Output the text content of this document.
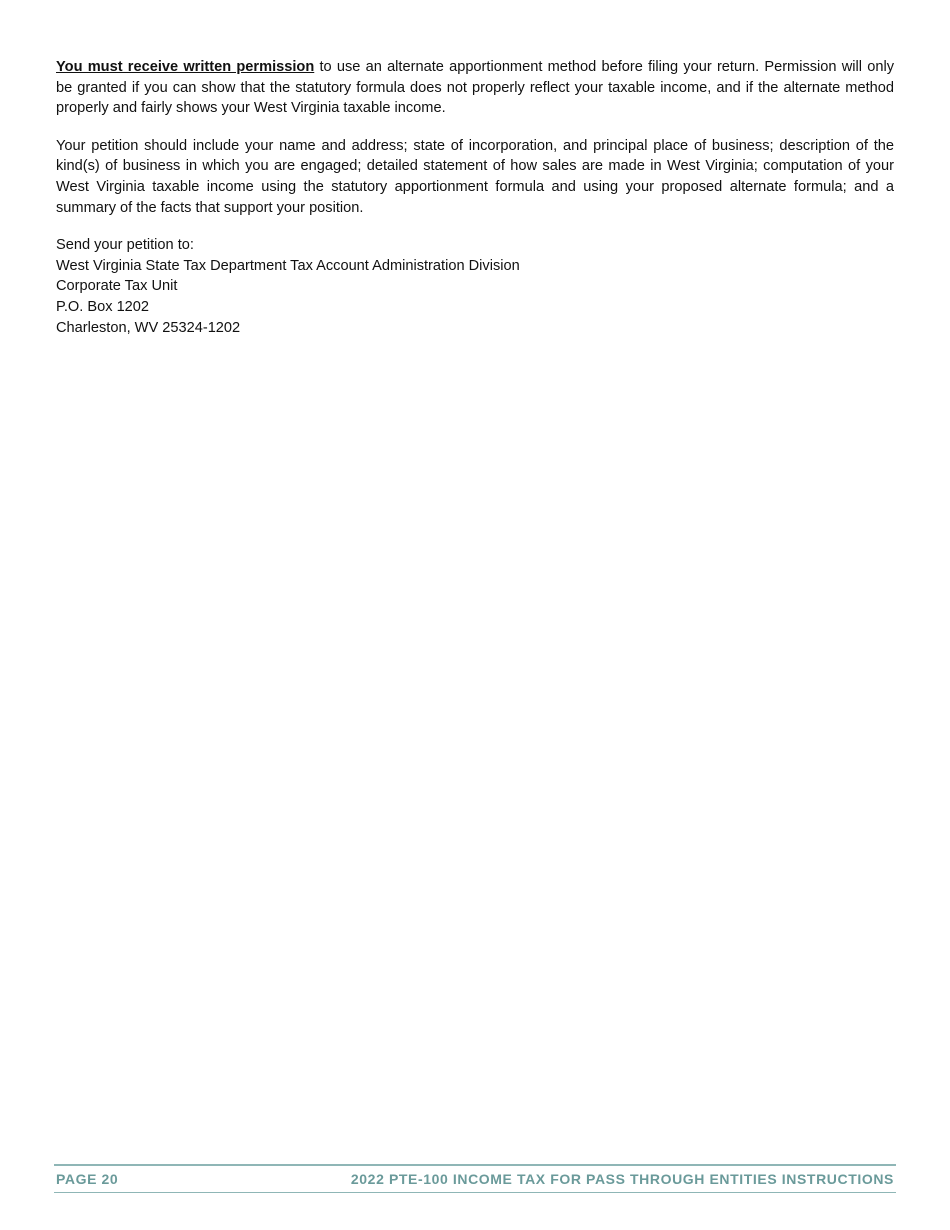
You must receive written permission to use an alternate apportionment method before filing your return. Permission will only be granted if you can show that the statutory formula does not properly reflect your taxable income, and if the alternate method properly and fairly shows your West Virginia taxable income.

Your petition should include your name and address; state of incorporation, and principal place of business; description of the kind(s) of business in which you are engaged; detailed statement of how sales are made in West Virginia; computation of your West Virginia taxable income using the statutory apportionment formula and using your proposed alternate formula; and a summary of the facts that support your position.

Send your petition to:
West Virginia State Tax Department Tax Account Administration Division
Corporate Tax Unit
P.O. Box 1202
Charleston, WV 25324-1202
PAGE 20	2022 PTE-100 INCOME TAX FOR PASS THROUGH ENTITIES INSTRUCTIONS
